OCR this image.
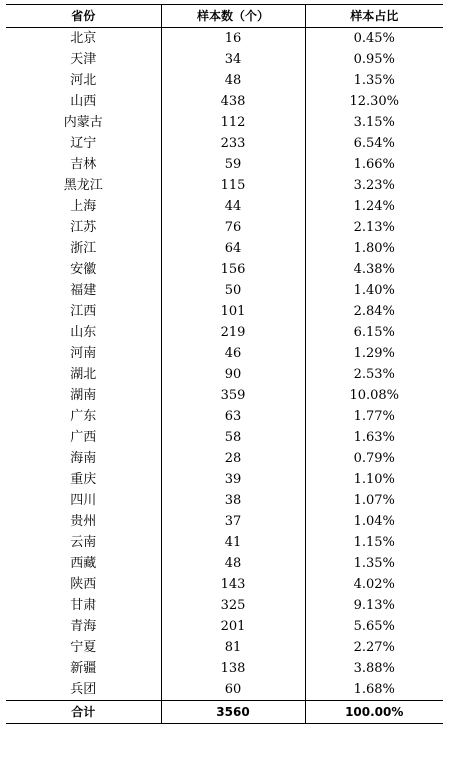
省份	样本数（个）	样本占比
北京	16	0.45%
天津	34	0.95%
河北	48	1.35%
山西	438	12.30%
内蒙古	112	3.15%
辽宁	233	6.54%
吉林	59	1.66%
黑龙江	115	3.23%
上海	44	1.24%
江苏	76	2.13%
浙江	64	1.80%
安徽	156	4.38%
福建	50	1.40%
江西	101	2.84%
山东	219	6.15%
河南	46	1.29%
湖北	90	2.53%
湖南	359	10.08%
广东	63	1.77%
广西	58	1.63%
海南	28	0.79%
重庆	39	1.10%
四川	38	1.07%
贵州	37	1.04%
云南	41	1.15%
西藏	48	1.35%
陕西	143	4.02%
甘肃	325	9.13%
青海	201	5.65%
宁夏	81	2.27%
新疆	138	3.88%
兵团	60	1.68%
合计	3560	100.00%
